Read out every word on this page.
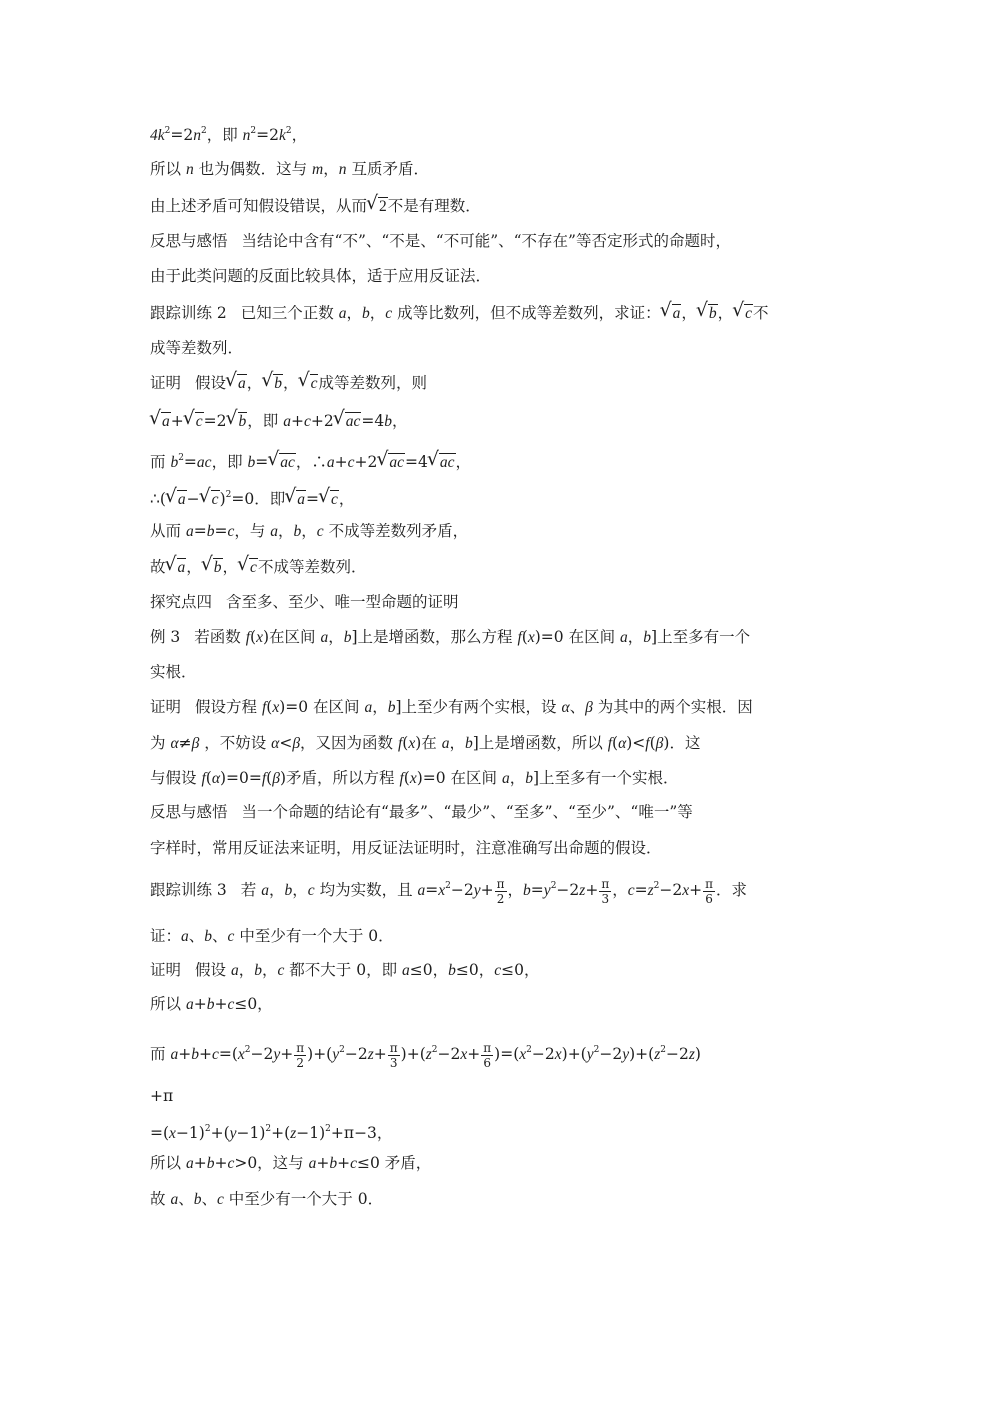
$4k^2=2n^2$，即 $n^2=2k^2$，
所以 n 也为偶数．这与 m，n 互质矛盾．
由上述矛盾可知假设错误，从而 √ 2不是有理数．
反思与感悟 当结论中含有“不”、“不是、“不可能”、“不存在”等否定形式的命题时，
由于此类问题的反面比较具体，适于应用反证法．
跟踪训练 2 已知三个正数 a，b，c 成等比数列，但不成等差数列，求证： √ a， √ b， √ c不
成等差数列．
证明 假设 √ a， √ b， √ c成等差数列，则
√ a+ √ c=2 √ b，即 a+c+2 √ ac=4b，
而 $b^2=ac$，即 b= √ ac，∴a+c+2 √ ac=4 √ ac，
∴( √ a− √ c)$^2$=0．即 √ a= √ c，
从而 a=b=c，与 a，b，c 不成等差数列矛盾，
故 √ a， √ b， √ c不成等差数列．
探究点四 含至多、至少、唯一型命题的证明
例 3 若函数 f(x)在区间 a，b]上是增函数，那么方程 f(x)=0 在区间 a，b]上至多有一个
实根．
证明 假设方程 f(x)=0 在区间 a，b]上至少有两个实根，设 α、β 为其中的两个实根．因
为 α≠β ，不妨设 α<β，又因为函数 f(x)在 a，b]上是增函数，所以 f(α)<f(β)．这
与假设 f(α)=0=f(β)矛盾，所以方程 f(x)=0 在区间 a，b]上至多有一个实根．
反思与感悟 当一个命题的结论有“最多”、“最少”、“至多”、“至少”、“唯一”等
字样时，常用反证法来证明，用反证法证明时，注意准确写出命题的假设．
跟踪训练 3 若 a，b，c 均为实数，且 $a=x^2-2y+ \frac{\pi}{2}$ ，$b=y^2-2z+ \frac{\pi}{3}$ ，$c=z^2-2x+ \frac{\pi}{6}$ ．求
证：a、b、c 中至少有一个大于 0．
证明 假设 a，b，c 都不大于 0，即 a≤0，b≤0，c≤0，
所以 a+b+c≤0，
而 $a+b+c=(x^2-2y+ \frac{\pi}{2} )+(y^2-2z+ \frac{\pi}{3} )+(z^2-2x+ \frac{\pi}{6} )=(x^2-2x)+(y^2-2y)+(z^2-2z)$
+π
$=(x-1)^2+(y-1)^2+(z-1)^2+\pi-3$，
所以 a+b+c>0，这与 a+b+c≤0 矛盾，
故 a、b、c 中至少有一个大于 0．
